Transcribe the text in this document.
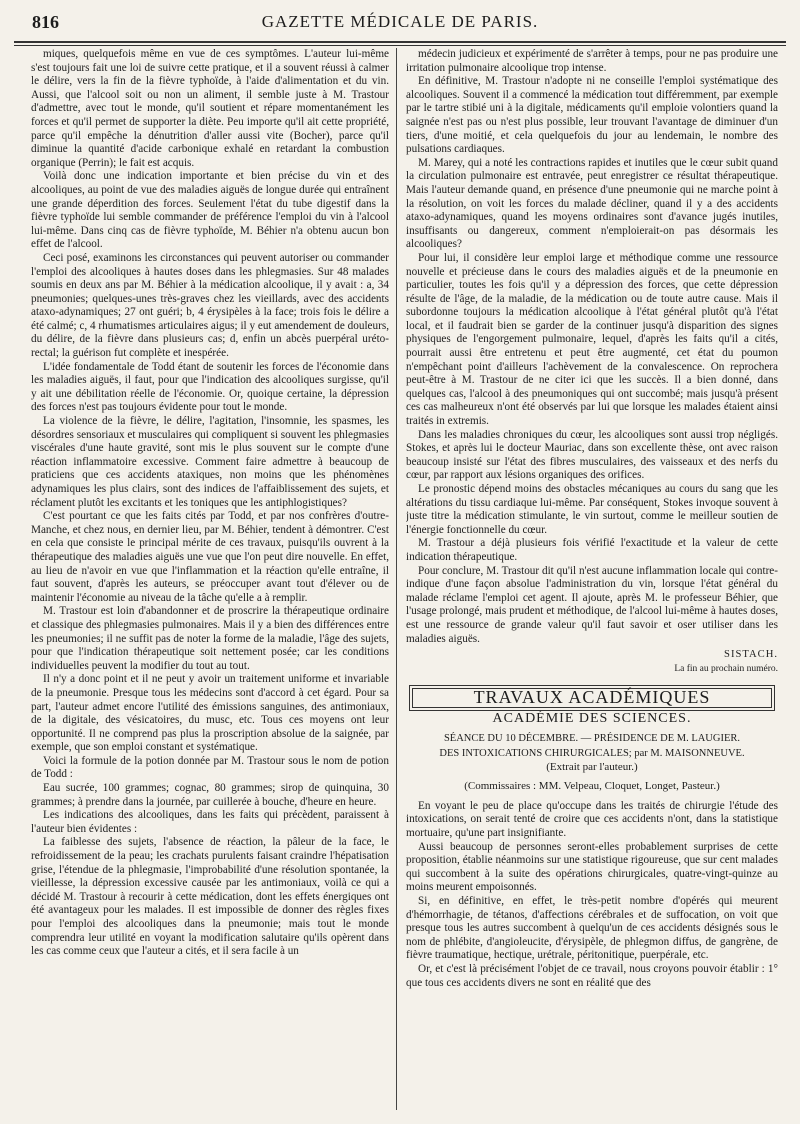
816	GAZETTE MÉDICALE DE PARIS.

miques, quelquefois même en vue de ces symptômes. L'auteur lui-même s'est toujours fait une loi de suivre cette pratique, et il a souvent réussi à calmer le délire, vers la fin de la fièvre typhoïde, à l'aide d'alimentation et du vin. Aussi, que l'alcool soit ou non un aliment, il semble juste à M. Trastour d'admettre, avec tout le monde, qu'il soutient et répare momentanément les forces et qu'il permet de supporter la diète. Peu importe qu'il ait cette propriété, parce qu'il empêche la dénutrition d'aller aussi vite (Bocher), parce qu'il diminue la quantité d'acide carbonique exhalé en retardant la combustion organique (Perrin); le fait est acquis.

Voilà donc une indication importante et bien précise du vin et des alcooliques, au point de vue des maladies aiguës de longue durée qui entraînent une grande déperdition des forces. Seulement l'état du tube digestif dans la fièvre typhoïde lui semble commander de préférence l'emploi du vin à l'alcool lui-même. Dans cinq cas de fièvre typhoïde, M. Béhier n'a obtenu aucun bon effet de l'alcool.

Ceci posé, examinons les circonstances qui peuvent autoriser ou commander l'emploi des alcooliques à hautes doses dans les phlegmasies. Sur 48 malades soumis en deux ans par M. Béhier à la médication alcoolique, il y avait : a, 34 pneumonies; quelques-unes très-graves chez les vieillards, avec des accidents ataxo-adynamiques; 27 ont guéri; b, 4 érysipèles à la face; trois fois le délire a été calmé; c, 4 rhumatismes articulaires aigus; il y eut amendement de douleurs, du délire, de la fièvre dans plusieurs cas; d, enfin un abcès puerpéral uréto-rectal; la guérison fut complète et inespérée.

L'idée fondamentale de Todd étant de soutenir les forces de l'économie dans les maladies aiguës, il faut, pour que l'indication des alcooliques surgisse, qu'il y ait une débilitation réelle de l'économie. Or, quoique certaine, la dépression des forces n'est pas toujours évidente pour tout le monde.

La violence de la fièvre, le délire, l'agitation, l'insomnie, les spasmes, les désordres sensoriaux et musculaires qui compliquent si souvent les phlegmasies viscérales d'une haute gravité, sont mis le plus souvent sur le compte d'une réaction inflammatoire excessive. Comment faire admettre à beaucoup de praticiens que ces accidents ataxiques, non moins que les phénomènes adynamiques les plus clairs, sont des indices de l'affaiblissement des sujets, et réclament plutôt les excitants et les toniques que les antiphlogistiques?

C'est pourtant ce que les faits cités par Todd, et par nos confrères d'outre-Manche, et chez nous, en dernier lieu, par M. Béhier, tendent à démontrer. C'est en cela que consiste le principal mérite de ces travaux, puisqu'ils ouvrent à la thérapeutique des maladies aiguës une vue que l'on peut dire nouvelle. En effet, au lieu de n'avoir en vue que l'inflammation et la réaction qu'elle entraîne, il faut souvent, d'après les auteurs, se préoccuper avant tout d'élever ou de maintenir l'économie au niveau de la tâche qu'elle a à remplir.

M. Trastour est loin d'abandonner et de proscrire la thérapeutique ordinaire et classique des phlegmasies pulmonaires. Mais il y a bien des différences entre les pneumonies; il ne suffit pas de noter la forme de la maladie, l'âge des sujets, pour que l'indication thérapeutique soit nettement posée; car les conditions individuelles peuvent la modifier du tout au tout.

Il n'y a donc point et il ne peut y avoir un traitement uniforme et invariable de la pneumonie. Presque tous les médecins sont d'accord à cet égard. Pour sa part, l'auteur admet encore l'utilité des émissions sanguines, des antimoniaux, de la digitale, des vésicatoires, du musc, etc. Tous ces moyens ont leur opportunité. Il ne comprend pas plus la proscription absolue de la saignée, par exemple, que son emploi constant et systématique.

Voici la formule de la potion donnée par M. Trastour sous le nom de potion de Todd :

Eau sucrée, 100 grammes; cognac, 80 grammes; sirop de quinquina, 30 grammes; à prendre dans la journée, par cuillerée à bouche, d'heure en heure.

Les indications des alcooliques, dans les faits qui précèdent, paraissent à l'auteur bien évidentes :

La faiblesse des sujets, l'absence de réaction, la pâleur de la face, le refroidissement de la peau; les crachats purulents faisant craindre l'hépatisation grise, l'étendue de la phlegmasie, l'improbabilité d'une résolution spontanée, la vieillesse, la dépression excessive causée par les antimoniaux, voilà ce qui a décidé M. Trastour à recourir à cette médication, dont les effets énergiques ont été avantageux pour les malades. Il est impossible de donner des règles fixes pour l'emploi des alcooliques dans la pneumonie; mais tout le monde comprendra leur utilité en voyant la modification salutaire qu'ils opèrent dans les cas comme ceux que l'auteur a cités, et il sera facile à un

médecin judicieux et expérimenté de s'arrêter à temps, pour ne pas produire une irritation pulmonaire alcoolique trop intense.

En définitive, M. Trastour n'adopte ni ne conseille l'emploi systématique des alcooliques. Souvent il a commencé la médication tout différemment, par exemple par le tartre stibié uni à la digitale, médicaments qu'il emploie volontiers quand la saignée n'est pas ou n'est plus possible, leur trouvant l'avantage de diminuer d'un tiers, d'une moitié, et cela quelquefois du jour au lendemain, le nombre des pulsations cardiaques.

M. Marey, qui a noté les contractions rapides et inutiles que le cœur subit quand la circulation pulmonaire est entravée, peut enregistrer ce résultat thérapeutique. Mais l'auteur demande quand, en présence d'une pneumonie qui ne marche point à la résolution, on voit les forces du malade décliner, quand il y a des accidents ataxo-adynamiques, quand les moyens ordinaires sont d'avance jugés inutiles, insuffisants ou dangereux, comment n'emploierait-on pas désormais les alcooliques?

Pour lui, il considère leur emploi large et méthodique comme une ressource nouvelle et précieuse dans le cours des maladies aiguës et de la pneumonie en particulier, toutes les fois qu'il y a dépression des forces, que cette dépression résulte de l'âge, de la maladie, de la médication ou de toute autre cause. Mais il subordonne toujours la médication alcoolique à l'état général plutôt qu'à l'état local, et il faudrait bien se garder de la continuer jusqu'à disparition des signes physiques de l'engorgement pulmonaire, lequel, d'après les faits qu'il a cités, pourrait aussi être entretenu et peut être augmenté, cet état du poumon n'empêchant point d'ailleurs l'achèvement de la convalescence. On reprochera peut-être à M. Trastour de ne citer ici que les succès. Il a bien donné, dans quelques cas, l'alcool à des pneumoniques qui ont succombé; mais jusqu'à présent ces cas malheureux n'ont été observés par lui que lorsque les malades étaient ainsi traités in extremis.

Dans les maladies chroniques du cœur, les alcooliques sont aussi trop négligés. Stokes, et après lui le docteur Mauriac, dans son excellente thèse, ont avec raison beaucoup insisté sur l'état des fibres musculaires, des vaisseaux et des nerfs du cœur, par rapport aux lésions organiques des orifices.

Le pronostic dépend moins des obstacles mécaniques au cours du sang que les altérations du tissu cardiaque lui-même. Par conséquent, Stokes invoque souvent à juste titre la médication stimulante, le vin surtout, comme le meilleur soutien de l'énergie fonctionnelle du cœur.

M. Trastour a déjà plusieurs fois vérifié l'exactitude et la valeur de cette indication thérapeutique.

Pour conclure, M. Trastour dit qu'il n'est aucune inflammation locale qui contre-indique d'une façon absolue l'administration du vin, lorsque l'état général du malade réclame l'emploi cet agent. Il ajoute, après M. le professeur Béhier, que l'usage prolongé, mais prudent et méthodique, de l'alcool lui-même à hautes doses, est une ressource de grande valeur qu'il faut savoir et oser utiliser dans les maladies aiguës.

SISTACH.
La fin au prochain numéro.
TRAVAUX ACADÉMIQUES
ACADÉMIE DES SCIENCES.
SÉANCE DU 10 DÉCEMBRE. — PRÉSIDENCE DE M. LAUGIER.
DES INTOXICATIONS CHIRURGICALES; par M. MAISONNEUVE.
(Extrait par l'auteur.)
(Commissaires : MM. Velpeau, Cloquet, Longet, Pasteur.)

En voyant le peu de place qu'occupe dans les traités de chirurgie l'étude des intoxications, on serait tenté de croire que ces accidents n'ont, dans la statistique mortuaire, qu'une part insignifiante.

Aussi beaucoup de personnes seront-elles probablement surprises de cette proposition, établie néanmoins sur une statistique rigoureuse, que sur cent malades qui succombent à la suite des opérations chirurgicales, quatre-vingt-quinze au moins meurent empoisonnés.

Si, en définitive, en effet, le très-petit nombre d'opérés qui meurent d'hémorrhagie, de tétanos, d'affections cérébrales et de suffocation, on voit que presque tous les autres succombent à quelqu'un de ces accidents désignés sous le nom de phlébite, d'angioleucite, d'érysipèle, de phlegmon diffus, de gangrène, de fièvre traumatique, hectique, urétrale, péritonitique, puerpérale, etc.

Or, et c'est là précisément l'objet de ce travail, nous croyons pouvoir établir : 1° que tous ces accidents divers ne sont en réalité que des
